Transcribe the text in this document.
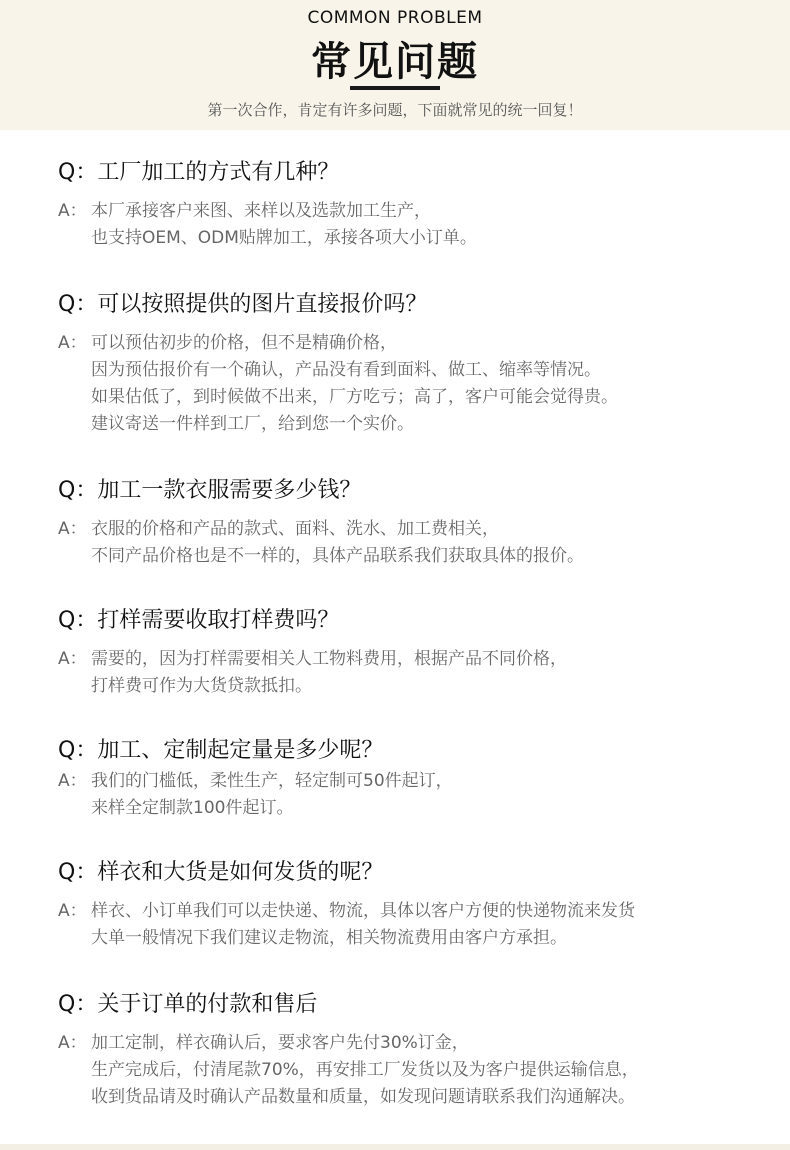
COMMON PROBLEM
常见问题
第一次合作，肯定有许多问题，下面就常见的统一回复！
Q：工厂加工的方式有几种？
A： 本厂承接客户来图、来样以及选款加工生产，
也支持OEM、ODM贴牌加工，承接各项大小订单。
Q：可以按照提供的图片直接报价吗？
A： 可以预估初步的价格，但不是精确价格，
因为预估报价有一个确认，产品没有看到面料、做工、缩率等情况。
如果估低了，到时候做不出来，厂方吃亏；高了，客户可能会觉得贵。
建议寄送一件样到工厂，给到您一个实价。
Q：加工一款衣服需要多少钱？
A： 衣服的价格和产品的款式、面料、洗水、加工费相关，
不同产品价格也是不一样的，具体产品联系我们获取具体的报价。
Q：打样需要收取打样费吗？
A： 需要的，因为打样需要相关人工物料费用，根据产品不同价格，
打样费可作为大货贷款抵扣。
Q：加工、定制起定量是多少呢？
A： 我们的门槛低，柔性生产，轻定制可50件起订，
来样全定制款100件起订。
Q：样衣和大货是如何发货的呢？
A： 样衣、小订单我们可以走快递、物流，具体以客户方便的快递物流来发货
大单一般情况下我们建议走物流，相关物流费用由客户方承担。
Q：关于订单的付款和售后
A： 加工定制，样衣确认后，要求客户先付30%订金，
生产完成后，付清尾款70%，再安排工厂发货以及为客户提供运输信息，
收到货品请及时确认产品数量和质量，如发现问题请联系我们沟通解决。
